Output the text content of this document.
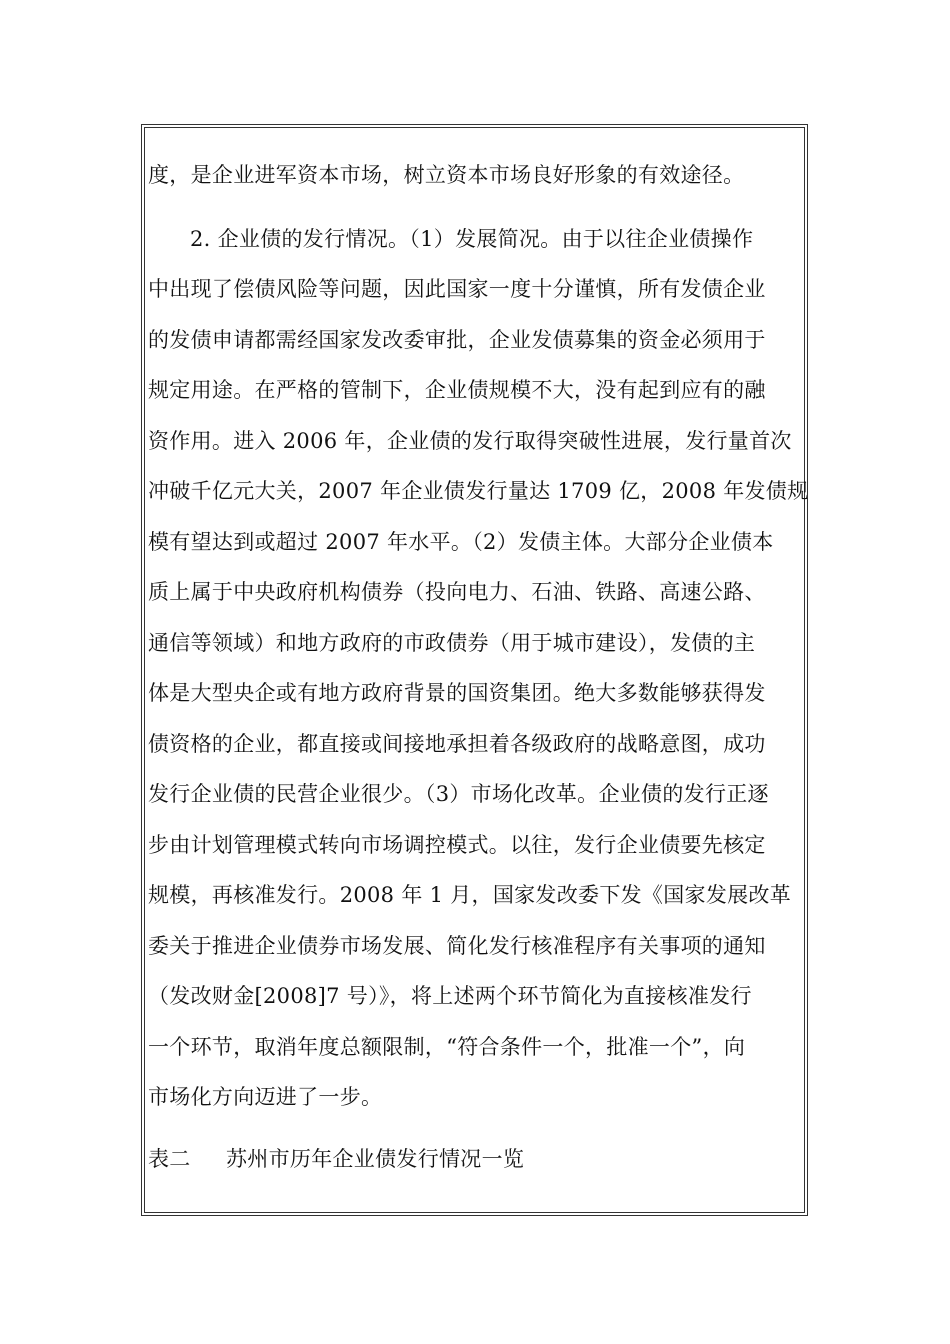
度，是企业进军资本市场，树立资本市场良好形象的有效途径。
2. 企业债的发行情况。（1）发展简况。由于以往企业债操作
中出现了偿债风险等问题，因此国家一度十分谨慎，所有发债企业
的发债申请都需经国家发改委审批，企业发债募集的资金必须用于
规定用途。在严格的管制下，企业债规模不大，没有起到应有的融
资作用。进入 2006 年，企业债的发行取得突破性进展，发行量首次
冲破千亿元大关，2007 年企业债发行量达 1709 亿，2008 年发债规
模有望达到或超过 2007 年水平。（2）发债主体。大部分企业债本
质上属于中央政府机构债券（投向电力、石油、铁路、高速公路、
通信等领域）和地方政府的市政债券（用于城市建设），发债的主
体是大型央企或有地方政府背景的国资集团。绝大多数能够获得发
债资格的企业，都直接或间接地承担着各级政府的战略意图，成功
发行企业债的民营企业很少。（3）市场化改革。企业债的发行正逐
步由计划管理模式转向市场调控模式。以往，发行企业债要先核定
规模，再核准发行。2008 年 1 月，国家发改委下发《国家发展改革
委关于推进企业债券市场发展、简化发行核准程序有关事项的通知
（发改财金[2008]7 号）》，将上述两个环节简化为直接核准发行
一个环节，取消年度总额限制，“符合条件一个，批准一个”，向
市场化方向迈进了一步。
表二 苏州市历年企业债发行情况一览
